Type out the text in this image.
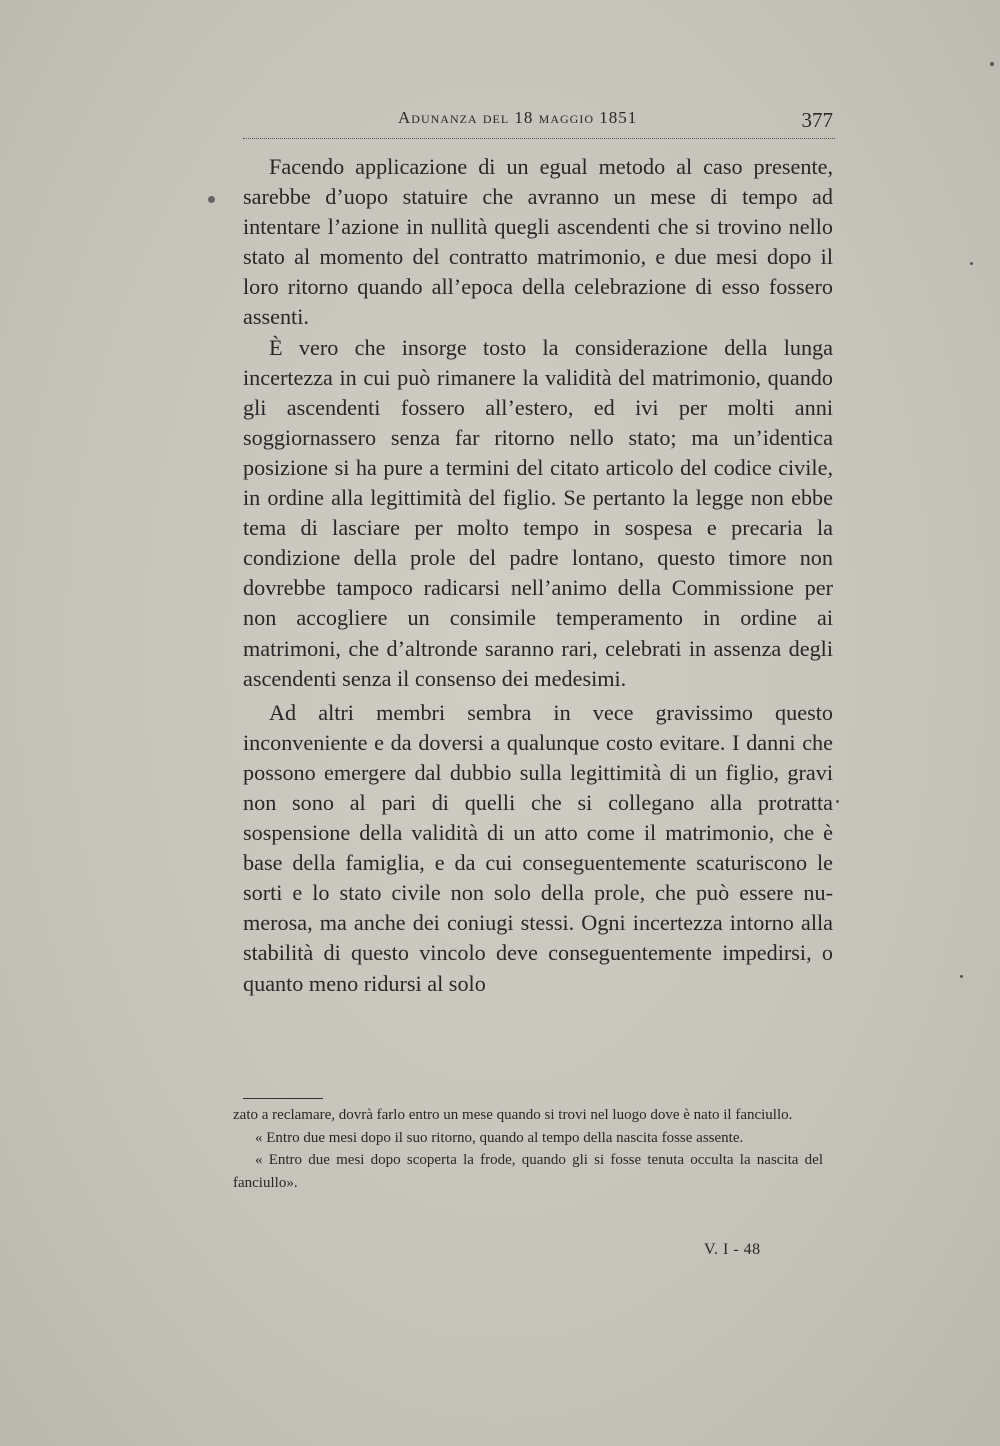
Adunanza del 18 maggio 1851	377

Facendo applicazione di un egual metodo al caso presente, sarebbe d’uopo statuire che avranno un mese di tempo ad intentare l’azione in nullità quegli ascendenti che si trovino nello stato al momento del contratto matrimonio, e due mesi dopo il loro ritorno quando all’epoca della celebrazione di esso fossero assenti.

È vero che insorge tosto la considerazione della lunga incertezza in cui può rimanere la validità del matrimonio, quando gli ascendenti fossero all’estero, ed ivi per molti anni soggiornassero senza far ritorno nello stato; ma un’identica posizione si ha pure a termini del citato articolo del codice civile, in ordine alla legittimità del figlio. Se pertanto la legge non ebbe tema di lasciare per molto tempo in sospesa e precaria la condizione della prole del padre lontano, questo timore non dovrebbe tampoco radicarsi nell’animo della Commissione per non accogliere un consimile temperamento in ordine ai matrimoni, che d’altronde saranno rari, celebrati in assenza degli ascendenti senza il consenso dei medesimi.

Ad altri membri sembra in vece gravissimo questo inconveniente e da doversi a qualunque costo evitare. I danni che possono emergere dal dubbio sulla legittimità di un figlio, gravi non sono al pari di quelli che si collegano alla protratta sospensione della validità di un atto come il matrimonio, che è base della famiglia, e da cui conseguentemente scaturiscono le sorti e lo stato civile non solo della prole, che può essere numerosa, ma anche dei coniugi stessi. Ogni incertezza intorno alla stabilità di questo vincolo deve conseguentemente impedirsi, o quanto meno ridursi al solo

zato a reclamare, dovrà farlo entro un mese quando si trovi nel luogo dove è nato il fanciullo.

« Entro due mesi dopo il suo ritorno, quando al tempo della nascita fosse assente.

« Entro due mesi dopo scoperta la frode, quando gli si fosse tenuta occulta la nascita del fanciullo».

V. I - 48
